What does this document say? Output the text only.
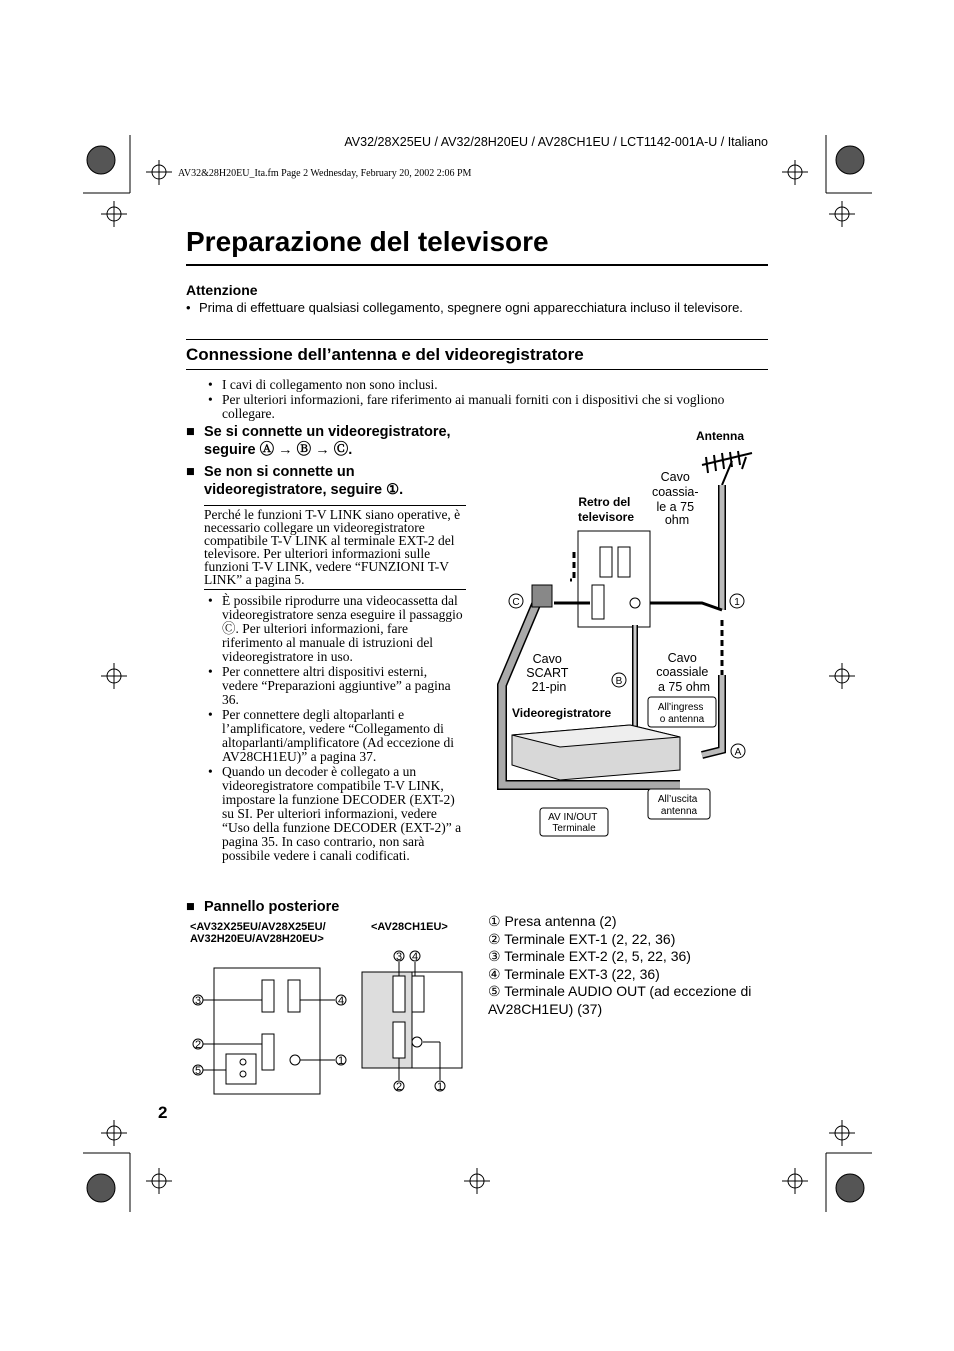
AV32/28X25EU / AV32/28H20EU / AV28CH1EU / LCT1142-001A-U / Italiano
AV32&28H20EU_Ita.fm Page 2 Wednesday, February 20, 2002 2:06 PM
Preparazione del televisore
Attenzione
• Prima di effettuare qualsiasi collegamento, spegnere ogni apparecchiatura incluso il televisore.
Connessione dell’antenna e del videoregistratore
• I cavi di collegamento non sono inclusi.
• Per ulteriori informazioni, fare riferimento ai manuali forniti con i dispositivi che si vogliono collegare.
■ Se si connette un videoregistratore, seguire Ⓐ → Ⓑ → Ⓒ.
■ Se non si connette un videoregistratore, seguire ①.
Perché le funzioni T-V LINK siano operative, è necessario collegare un videoregistratore compatibile T-V LINK al terminale EXT-2 del televisore. Per ulteriori informazioni sulle funzioni T-V LINK, vedere “FUNZIONI T-V LINK” a pagina 5.
• È possibile riprodurre una videocassetta dal videoregistratore senza eseguire il passaggio Ⓒ. Per ulteriori informazioni, fare riferimento al manuale di istruzioni del videoregistratore in uso.
• Per connettere altri dispositivi esterni, vedere “Preparazioni aggiuntive” a pagina 36.
• Per connettere degli altoparlanti e l’amplificatore, vedere “Collegamento di altoparlanti/amplificatore (Ad eccezione di AV28CH1EU)” a pagina 37.
• Quando un decoder è collegato a un videoregistratore compatibile T-V LINK, impostare la funzione DECODER (EXT-2) su SI. Per ulteriori informazioni, vedere “Uso della funzione DECODER (EXT-2)” a pagina 35. In caso contrario, non sarà possibile vedere i canali codificati.
Antenna
Cavo coassia- le a 75 ohm
Retro del televisore
C	1
B
Cavo SCART 21-pin
Cavo coassiale a 75 ohm
Videoregistratore	All’ingress o antenna
A
All’uscita antenna
AV IN/OUT Terminale
■ Pannello posteriore
<AV32X25EU/AV28X25EU/
AV32H20EU/AV28H20EU>
<AV28CH1EU>
3	4
2
1
5
3 4
2	1
① Presa antenna (2)
② Terminale EXT-1 (2, 22, 36)
③ Terminale EXT-2 (2, 5, 22, 36)
④ Terminale EXT-3 (22, 36)
⑤ Terminale AUDIO OUT (ad eccezione di AV28CH1EU) (37)
2
